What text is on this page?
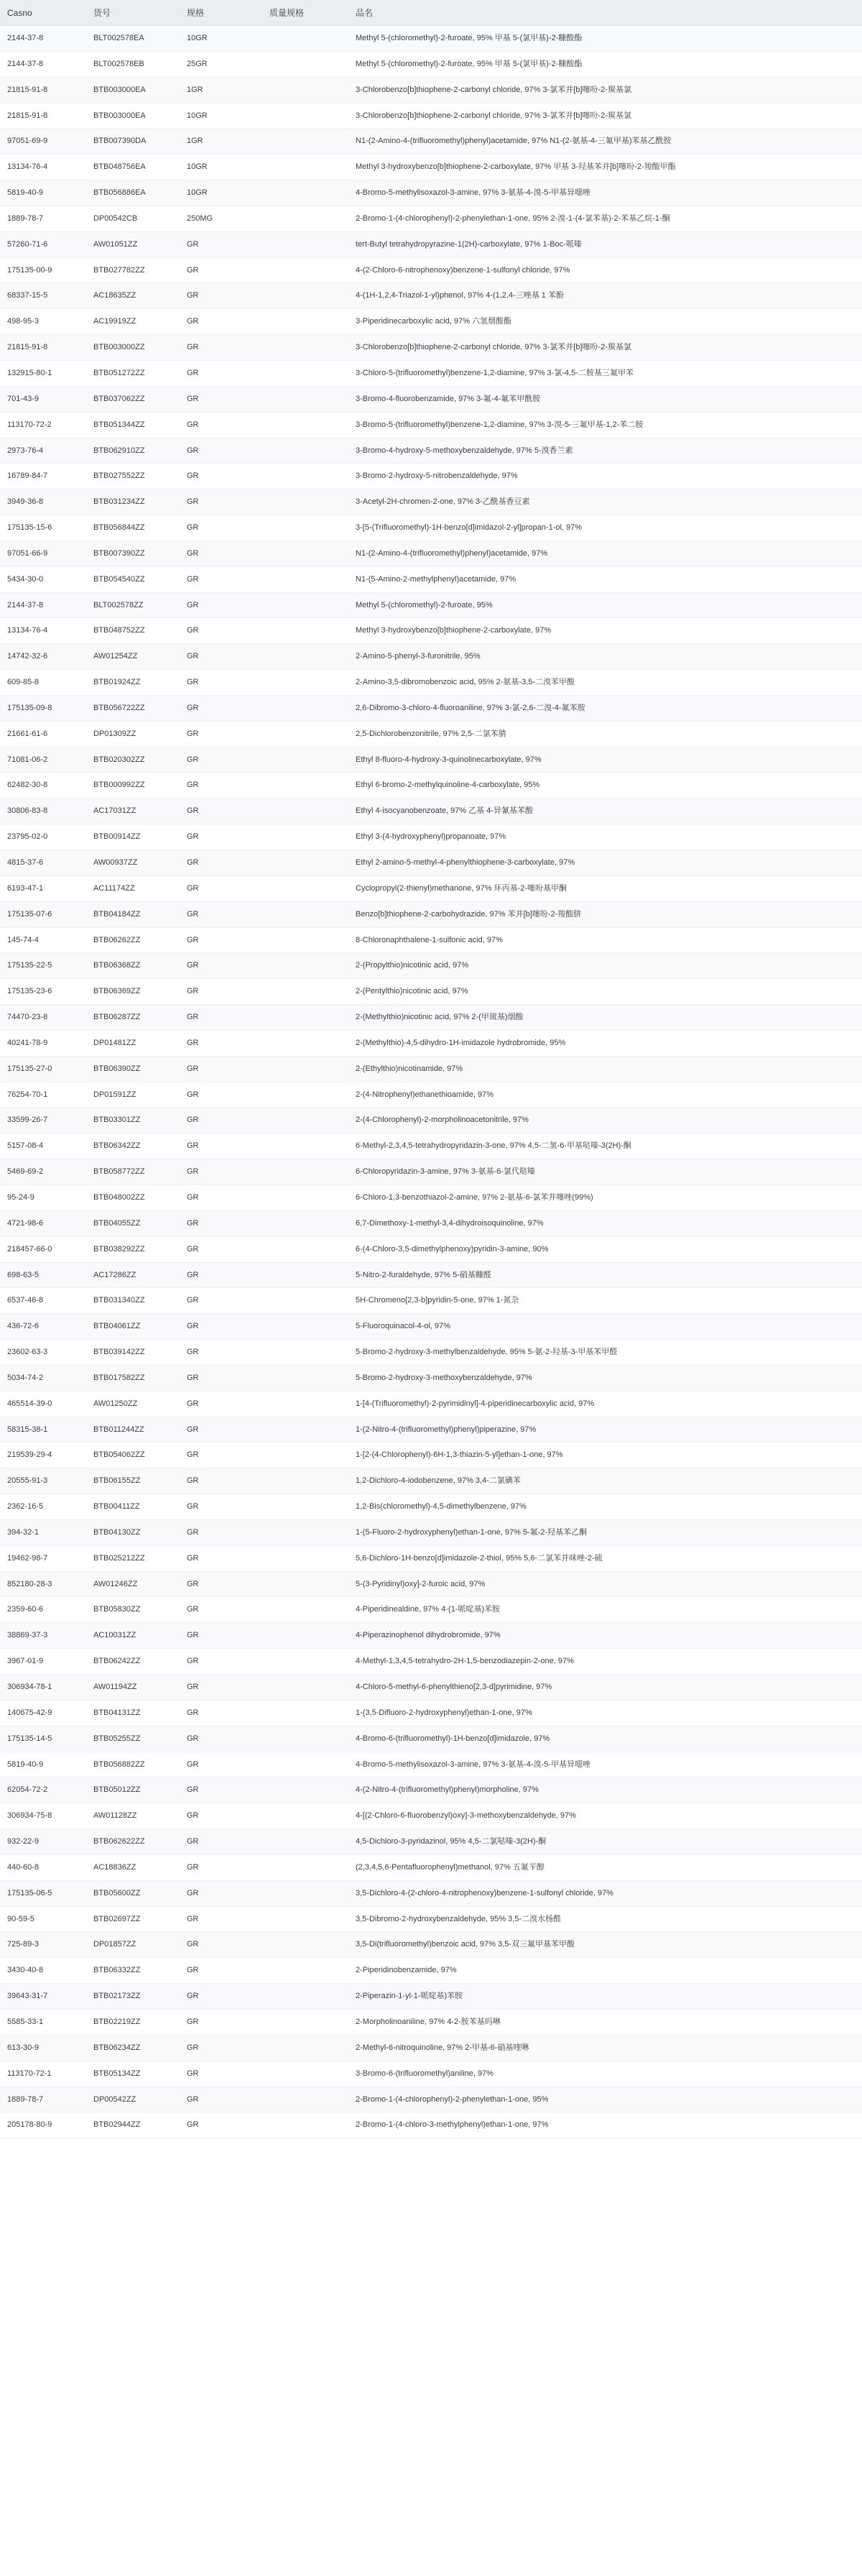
Casno	货号	规格	质量规格	品名
2144-37-8	BLT002578EA	10GR		Methyl 5-(chloromethyl)-2-furoate, 95% 甲基 5-(氯甲基)-2-糠酸酯
2144-37-8	BLT002578EB	25GR		Methyl 5-(chloromethyl)-2-furoate, 95% 甲基 5-(氯甲基)-2-糠酸酯
21815-91-8	BTB003000EA	1GR		3-Chlorobenzo[b]thiophene-2-carbonyl chloride, 97% 3-氯苯并[b]噻吩-2-羰基氯
21815-91-8	BTB003000EA	10GR		3-Chlorobenzo[b]thiophene-2-carbonyl chloride, 97% 3-氯苯并[b]噻吩-2-羰基氯
97051-69-9	BTB007390DA	1GR		N1-(2-Amino-4-(trifluoromethyl)phenyl)acetamide, 97% N1-(2-氨基-4-三氟甲基)苯基乙酰胺
13134-76-4	BTB048756EA	10GR		Methyl 3-hydroxybenzo[b]thiophene-2-carboxylate, 97% 甲基 3-羟基苯并[b]噻吩-2-羧酸甲酯
5819-40-9	BTB056886EA	10GR		4-Bromo-5-methylisoxazol-3-amine, 97% 3-氨基-4-溴-5-甲基异噁唑
1889-78-7	DP00542CB	250MG		2-Bromo-1-(4-chlorophenyl)-2-phenylethan-1-one, 95% 2-溴-1-(4-氯苯基)-2-苯基乙烷-1-酮
57260-71-6	AW01051ZZ	GR		tert-Butyl tetrahydropyrazine-1(2H)-carboxylate, 97% 1-Boc-哌嗪
175135-00-9	BTB027782ZZ	GR		4-(2-Chloro-6-nitrophenoxy)benzene-1-sulfonyl chloride, 97%
68337-15-5	AC18635ZZ	GR		4-(1H-1,2,4-Triazol-1-yl)phenol, 97% 4-(1,2,4-三唑基 1 苯酚
498-95-3	AC19919ZZ	GR		3-Piperidinecarboxylic acid, 97% 六氢烟酸酯
21815-91-8	BTB003000ZZ	GR		3-Chlorobenzo[b]thiophene-2-carbonyl chloride, 97% 3-氯苯并[b]噻吩-2-羰基氯
132915-80-1	BTB051272ZZ	GR		3-Chloro-5-(trifluoromethyl)benzene-1,2-diamine, 97% 3-氯-4,5-二胺基三氟甲苯
701-43-9	BTB037062ZZ	GR		3-Bromo-4-fluorobenzamide, 97% 3-氟-4-氟苯甲酰胺
113170-72-2	BTB051344ZZ	GR		3-Bromo-5-(trifluoromethyl)benzene-1,2-diamine, 97% 3-溴-5-三氟甲基-1,2-苯二胺
2973-76-4	BTB062910ZZ	GR		3-Bromo-4-hydroxy-5-methoxybenzaldehyde, 97% 5-溴香兰素
16789-84-7	BTB027552ZZ	GR		3-Bromo-2-hydroxy-5-nitrobenzaldehyde, 97%
3949-36-8	BTB031234ZZ	GR		3-Acetyl-2H-chromen-2-one, 97% 3-乙酰基香豆素
175135-15-6	BTB056844ZZ	GR		3-[5-(Trifluoromethyl)-1H-benzo[d]imidazol-2-yl]propan-1-ol, 97%
97051-66-9	BTB007390ZZ	GR		N1-(2-Amino-4-(trifluoromethyl)phenyl)acetamide, 97%
5434-30-0	BTB054540ZZ	GR		N1-(5-Amino-2-methylphenyl)acetamide, 97%
2144-37-8	BLT002578ZZ	GR		Methyl 5-(chloromethyl)-2-furoate, 95%
13134-76-4	BTB048752ZZ	GR		Methyl 3-hydroxybenzo[b]thiophene-2-carboxylate, 97%
14742-32-6	AW01254ZZ	GR		2-Amino-5-phenyl-3-furonitrile, 95%
609-85-8	BTB01924ZZ	GR		2-Amino-3,5-dibromobenzoic acid, 95% 2-氨基-3,5-二溴苯甲酸
175135-09-8	BTB056722ZZ	GR		2,6-Dibromo-3-chloro-4-fluoroaniline, 97% 3-氯-2,6-二溴-4-氟苯胺
21661-61-6	DP01309ZZ	GR		2,5-Dichlorobenzonitrile, 97% 2,5-二氯苯腈
71081-06-2	BTB020302ZZ	GR		Ethyl 8-fluoro-4-hydroxy-3-quinolinecarboxylate, 97%
62482-30-8	BTB000992ZZ	GR		Ethyl 6-bromo-2-methylquinoline-4-carboxylate, 95%
30806-83-8	AC17031ZZ	GR		Ethyl 4-isocyanobenzoate, 97% 乙基 4-异氰基苯酸
23795-02-0	BTB00914ZZ	GR		Ethyl 3-(4-hydroxyphenyl)propanoate, 97%
4815-37-6	AW00937ZZ	GR		Ethyl 2-amino-5-methyl-4-phenylthiophene-3-carboxylate, 97%
6193-47-1	AC11174ZZ	GR		Cyclopropyl(2-thienyl)methanone, 97% 环丙基-2-噻吩基甲酮
175135-07-6	BTB04184ZZ	GR		Benzo[b]thiophene-2-carbohydrazide, 97% 苯并[b]噻吩-2-羧酸肼
145-74-4	BTB06262ZZ	GR		8-Chloronaphthalene-1-sulfonic acid, 97%
175135-22-5	BTB06368ZZ	GR		2-(Propylthio)nicotinic acid, 97%
175135-23-6	BTB06369ZZ	GR		2-(Pentylthio)nicotinic acid, 97%
74470-23-8	BTB06287ZZ	GR		2-(Methylthio)nicotinic acid, 97% 2-(甲巯基)烟酸
40241-78-9	DP01481ZZ	GR		2-(Methylthio)-4,5-dihydro-1H-imidazole hydrobromide, 95%
175135-27-0	BTB06390ZZ	GR		2-(Ethylthio)nicotinamide, 97%
76254-70-1	DP01591ZZ	GR		2-(4-Nitrophenyl)ethanethioamide, 97%
33599-26-7	BTB03301ZZ	GR		2-(4-Chlorophenyl)-2-morpholinoacetonitrile, 97%
5157-08-4	BTB06342ZZ	GR		6-Methyl-2,3,4,5-tetrahydropyridazin-3-one, 97% 4,5-二氢-6-甲基哒嗪-3(2H)-酮
5469-69-2	BTB058772ZZ	GR		6-Chloropyridazin-3-amine, 97% 3-氨基-6-氯代哒嗪
95-24-9	BTB048002ZZ	GR		6-Chloro-1,3-benzothiazol-2-amine, 97% 2-氨基-6-氯苯并噻唑(99%)
4721-98-6	BTB04055ZZ	GR		6,7-Dimethoxy-1-methyl-3,4-dihydroisoquinoline, 97%
218457-66-0	BTB038292ZZ	GR		6-(4-Chloro-3,5-dimethylphenoxy)pyridin-3-amine, 90%
698-63-5	AC17286ZZ	GR		5-Nitro-2-furaldehyde, 97% 5-硝基糠醛
6537-46-8	BTB031340ZZ	GR		5H-Chromeno[2,3-b]pyridin-5-one, 97% 1-氮杂
436-72-6	BTB04061ZZ	GR		5-Fluoroquinacol-4-ol, 97%
23602-63-3	BTB039142ZZ	GR		5-Bromo-2-hydroxy-3-methylbenzaldehyde, 95% 5-氨-2-羟基-3-甲基苯甲醛
5034-74-2	BTB017582ZZ	GR		5-Bromo-2-hydroxy-3-methoxybenzaldehyde, 97%
465514-39-0	AW01250ZZ	GR		1-[4-(Trifluoromethyl)-2-pyrimidinyl]-4-piperidinecarboxylic acid, 97%
58315-38-1	BTB011244ZZ	GR		1-(2-Nitro-4-(trifluoromethyl)phenyl)piperazine, 97%
219539-29-4	BTB054062ZZ	GR		1-[2-(4-Chlorophenyl)-6H-1,3-thiazin-5-yl]ethan-1-one, 97%
20555-91-3	BTB06155ZZ	GR		1,2-Dichloro-4-iodobenzene, 97% 3,4-二氯碘苯
2362-16-5	BTB00411ZZ	GR		1,2-Bis(chloromethyl)-4,5-dimethylbenzene, 97%
394-32-1	BTB04130ZZ	GR		1-(5-Fluoro-2-hydroxyphenyl)ethan-1-one, 97% 5-氟-2-羟基苯乙酮
19462-98-7	BTB025212ZZ	GR		5,6-Dichloro-1H-benzo[d]imidazole-2-thiol, 95% 5,6-二氯苯并咪唑-2-硫
852180-28-3	AW01246ZZ	GR		5-(3-Pyridinyl)oxy]-2-furoic acid, 97%
2359-60-6	BTB05830ZZ	GR		4-Piperidinealdine, 97% 4-(1-哌啶基)苯胺
38869-37-3	AC10031ZZ	GR		4-Piperazinophenol dihydrobromide, 97%
3967-01-9	BTB06242ZZ	GR		4-Methyl-1,3,4,5-tetrahydro-2H-1,5-benzodiazepin-2-one, 97%
306934-78-1	AW01194ZZ	GR		4-Chloro-5-methyl-6-phenylthieno[2,3-d]pyrimidine, 97%
140675-42-9	BTB04131ZZ	GR		1-(3,5-Difluoro-2-hydroxyphenyl)ethan-1-one, 97%
175135-14-5	BTB05255ZZ	GR		4-Bromo-6-(trifluoromethyl)-1H-benzo[d]imidazole, 97%
5819-40-9	BTB056882ZZ	GR		4-Bromo-5-methylisoxazol-3-amine, 97% 3-氨基-4-溴-5-甲基异噁唑
62054-72-2	BTB05012ZZ	GR		4-(2-Nitro-4-(trifluoromethyl)phenyl)morpholine, 97%
306934-75-8	AW01128ZZ	GR		4-[(2-Chloro-6-fluorobenzyl)oxy]-3-methoxybenzaldehyde, 97%
932-22-9	BTB062622ZZ	GR		4,5-Dichloro-3-pyridazinol, 95% 4,5-二氯哒嗪-3(2H)-酮
440-60-8	AC18836ZZ	GR		(2,3,4,5,6-Pentafluorophenyl)methanol, 97% 五氟苄醇
175135-06-5	BTB05600ZZ	GR		3,5-Dichloro-4-(2-chloro-4-nitrophenoxy)benzene-1-sulfonyl chloride, 97%
90-59-5	BTB02697ZZ	GR		3,5-Dibromo-2-hydroxybenzaldehyde, 95% 3,5-二溴水杨醛
725-89-3	DP01857ZZ	GR		3,5-Di(trifluoromethyl)benzoic acid, 97% 3,5-双三氟甲基苯甲酸
3430-40-8	BTB06332ZZ	GR		2-Piperidinobenzamide, 97%
39643-31-7	BTB02173ZZ	GR		2-Piperazin-1-yl-1-哌啶基)苯胺
5585-33-1	BTB02219ZZ	GR		2-Morpholinoaniline, 97% 4-2-胺苯基吗啉
613-30-9	BTB06234ZZ	GR		2-Methyl-6-nitroquinoline, 97% 2-甲基-6-硝基喹啉
113170-72-1	BTB05134ZZ	GR		3-Bromo-6-(trifluoromethyl)aniline, 97%
1889-78-7	DP00542ZZ	GR		2-Bromo-1-(4-chlorophenyl)-2-phenylethan-1-one, 95%
205178-80-9	BTB02944ZZ	GR		2-Bromo-1-(4-chloro-3-methylphenyl)ethan-1-one, 97%
